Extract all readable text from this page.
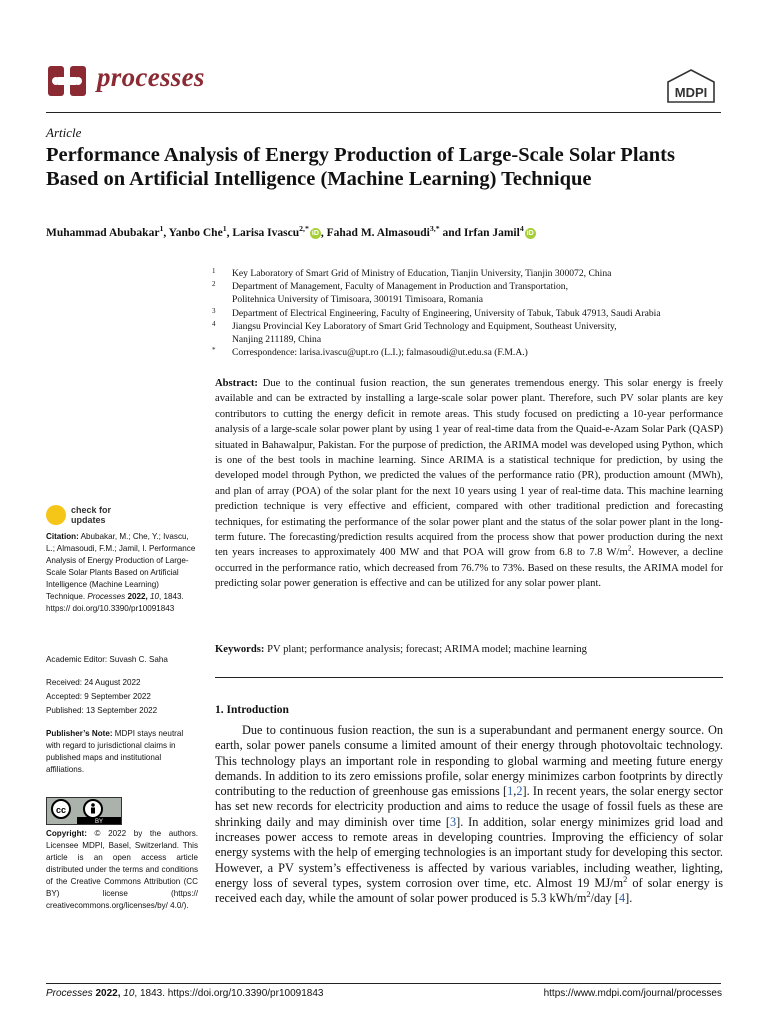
processes
MDPI
Article
Performance Analysis of Energy Production of Large-Scale Solar Plants Based on Artificial Intelligence (Machine Learning) Technique
Muhammad Abubakar$^1$, Yanbo Che$^1$, Larisa Ivascu$^{2,*}$iD , Fahad M. Almasoudi$^{3,*}$ and Irfan Jamil$^4$iD
1 Key Laboratory of Smart Grid of Ministry of Education, Tianjin University, Tianjin 300072, China
2 Department of Management, Faculty of Management in Production and Transportation,
Politehnica University of Timisoara, 300191 Timisoara, Romania
3 Department of Electrical Engineering, Faculty of Engineering, University of Tabuk, Tabuk 47913, Saudi Arabia
4 Jiangsu Provincial Key Laboratory of Smart Grid Technology and Equipment, Southeast University,
Nanjing 211189, China
* Correspondence: larisa.ivascu@upt.ro (L.I.); falmasoudi@ut.edu.sa (F.M.A.)
Abstract: Due to the continual fusion reaction, the sun generates tremendous energy. This solar energy is freely available and can be extracted by installing a large-scale solar power plant. Therefore, such PV solar plants are key contributors to cutting the energy deficit in remote areas. This study focused on predicting a 10-year performance analysis of a large-scale solar power plant by using 1 year of real-time data from the Quaid-e-Azam Solar Park (QASP) situated in Bahawalpur, Pakistan. For the purpose of prediction, the ARIMA model was developed using Python, which is one of the best tools in machine learning. Since ARIMA is a statistical technique for prediction, by using the developed model through Python, we predicted the values of the performance ratio (PR), production amount (MWh), and plan of array (POA) of the solar plant for the next 10 years using 1 year of real-time data. This machine learning prediction technique is very effective and efficient, compared with other traditional prediction and forecasting techniques, for estimating the performance of the solar power plant and the status of the solar power plant in the long-term future. The forecasting/prediction results acquired from the process show that power production during the next ten years increases to approximately 400 MW and that POA will grow from 6.8 to 7.8 $W/m^2$. However, a decline occurred in the performance ratio, which decreased from 76.7% to 73%. Based on these results, the ARIMA model for predicting solar power generation is effective and can be utilized for any solar power plant.
Keywords: PV plant; performance analysis; forecast; ARIMA model; machine learning
1. Introduction
Due to continuous fusion reaction, the sun is a superabundant and permanent energy source. On earth, solar power panels consume a limited amount of their energy through photovoltaic technology. This technology plays an important role in responding to global warming and meeting future energy demands. In addition to its zero emissions profile, solar energy minimizes carbon footprints by directly contributing to the reduction of greenhouse gas emissions [1,2]. In recent years, the solar energy sector has set new records for electricity production and aims to reduce the usage of fossil fuels as these are shrinking daily and may diminish over time [3]. In addition, solar energy minimizes grid load and increases power access to remote areas in developing countries. Improving the efficiency of solar energy systems with the help of emerging technologies is an important study for developing this sector. However, a PV system’s effectiveness is affected by various variables, including weather, lighting, energy loss of several types, system corrosion over time, etc. Almost 19 $MJ/m^2$ of solar energy is received each day, while the amount of solar power produced is 5.3 kWh/$m^2$/day [4].
check for
updates
Citation: Abubakar, M.; Che, Y.; Ivascu, L.; Almasoudi, F.M.; Jamil, I. Performance Analysis of Energy Production of Large-Scale Solar Plants Based on Artificial Intelligence (Machine Learning) Technique. Processes 2022, 10, 1843. https:// doi.org/10.3390/pr10091843
Academic Editor: Suvash C. Saha
Received: 24 August 2022
Accepted: 9 September 2022
Published: 13 September 2022
Publisher’s Note: MDPI stays neutral with regard to jurisdictional claims in published maps and institutional affiliations.
cc
BY
Copyright: © 2022 by the authors. Licensee MDPI, Basel, Switzerland. This article is an open access article distributed under the terms and conditions of the Creative Commons Attribution (CC BY) license (https:// creativecommons.org/licenses/by/ 4.0/).
Processes 2022, 10, 1843. https://doi.org/10.3390/pr10091843	https://www.mdpi.com/journal/processes
